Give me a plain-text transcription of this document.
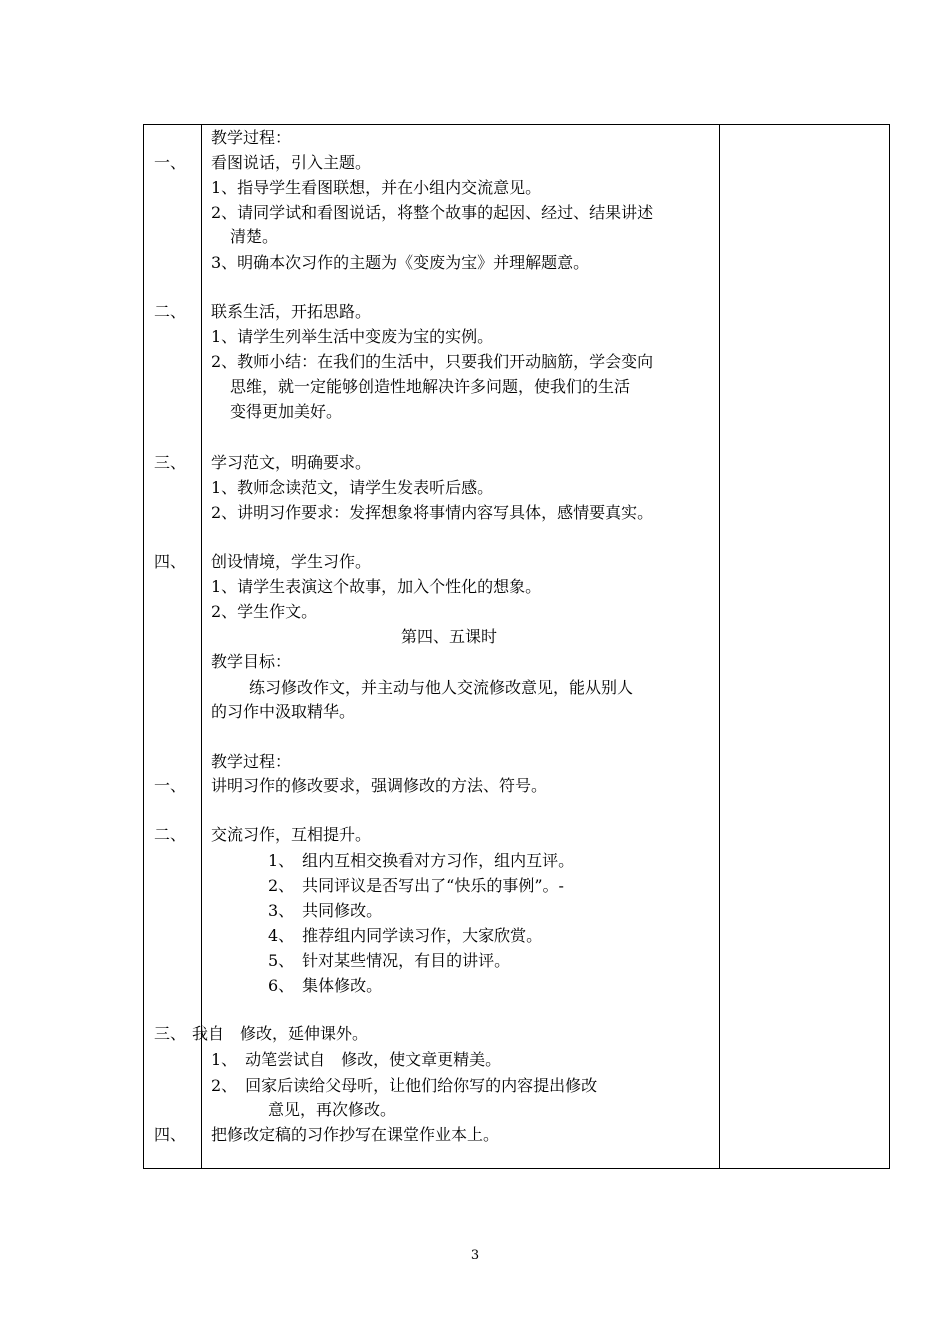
教学过程：
一、 看图说话，引入主题。
1、指导学生看图联想，并在小组内交流意见。
2、请同学试和看图说话，将整个故事的起因、经过、结果讲述
清楚。
3、明确本次习作的主题为《变废为宝》并理解题意。
二、 联系生活，开拓思路。
1、请学生列举生活中变废为宝的实例。
2、教师小结：在我们的生活中，只要我们开动脑筋，学会变向
思维，就一定能够创造性地解决许多问题，使我们的生活
变得更加美好。
三、 学习范文，明确要求。
1、教师念读范文，请学生发表听后感。
2、讲明习作要求：发挥想象将事情内容写具体，感情要真实。
四、 创设情境，学生习作。
1、请学生表演这个故事，加入个性化的想象。
2、学生作文。
第四、五课时
教学目标：
练习修改作文，并主动与他人交流修改意见，能从别人
的习作中汲取精华。
教学过程：
一、 讲明习作的修改要求，强调修改的方法、符号。
二、 交流习作，互相提升。
1、　组内互相交换看对方习作，组内互评。
2、　共同评议是否写出了“快乐的事例”。-
3、　共同修改。
4、　推荐组内同学读习作，大家欣赏。
5、　针对某些情况，有目的讲评。
6、　集体修改。
三、 我自　修改，延伸课外。
1、　动笔尝试自　修改，使文章更精美。
2、　回家后读给父母听，让他们给你写的内容提出修改
意见，再次修改。
四、 把修改定稿的习作抄写在课堂作业本上。
3
